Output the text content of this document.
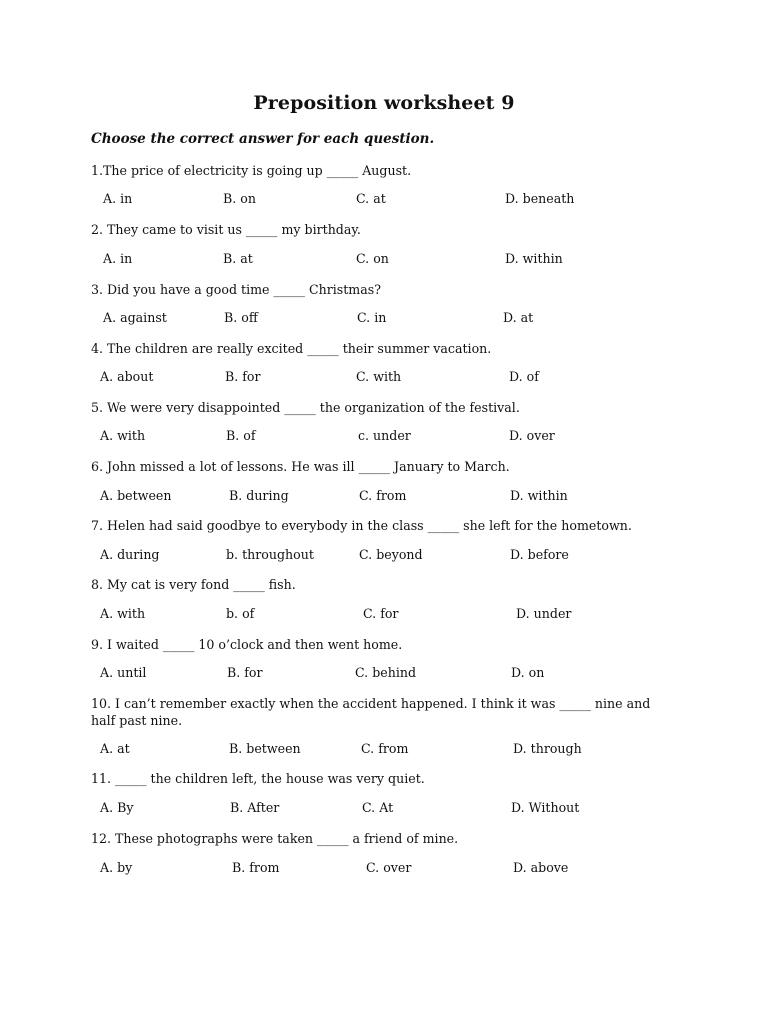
Preposition worksheet 9
Choose the correct answer for each question.
1.The price of electricity is going up _____ August.
A. in	B. on	C. at	D. beneath
2. They came to visit us _____ my birthday.
A. in	B. at	C. on	D. within
3. Did you have a good time _____ Christmas?
A. against	B. off	C. in	D. at
4. The children are really excited _____ their summer vacation.
A. about	B. for	C. with	D. of
5. We were very disappointed _____ the organization of the festival.
A. with	B. of	c. under	D. over
6. John missed a lot of lessons. He was ill _____ January to March.
A. between	B. during	C. from	D. within
7. Helen had said goodbye to everybody in the class _____ she left for the hometown.
A. during	b. throughout	C. beyond	D. before
8. My cat is very fond _____ fish.
A. with	b. of	C. for	D. under
9. I waited _____ 10 o’clock and then went home.
A. until	B. for	C. behind	D. on
10. I can’t remember exactly when the accident happened. I think it was _____ nine and half past nine.
A. at	B. between	C. from	D. through
11. _____ the children left, the house was very quiet.
A. By	B. After	C. At	D. Without
12. These photographs were taken _____ a friend of mine.
A. by	B. from	C. over	D. above
